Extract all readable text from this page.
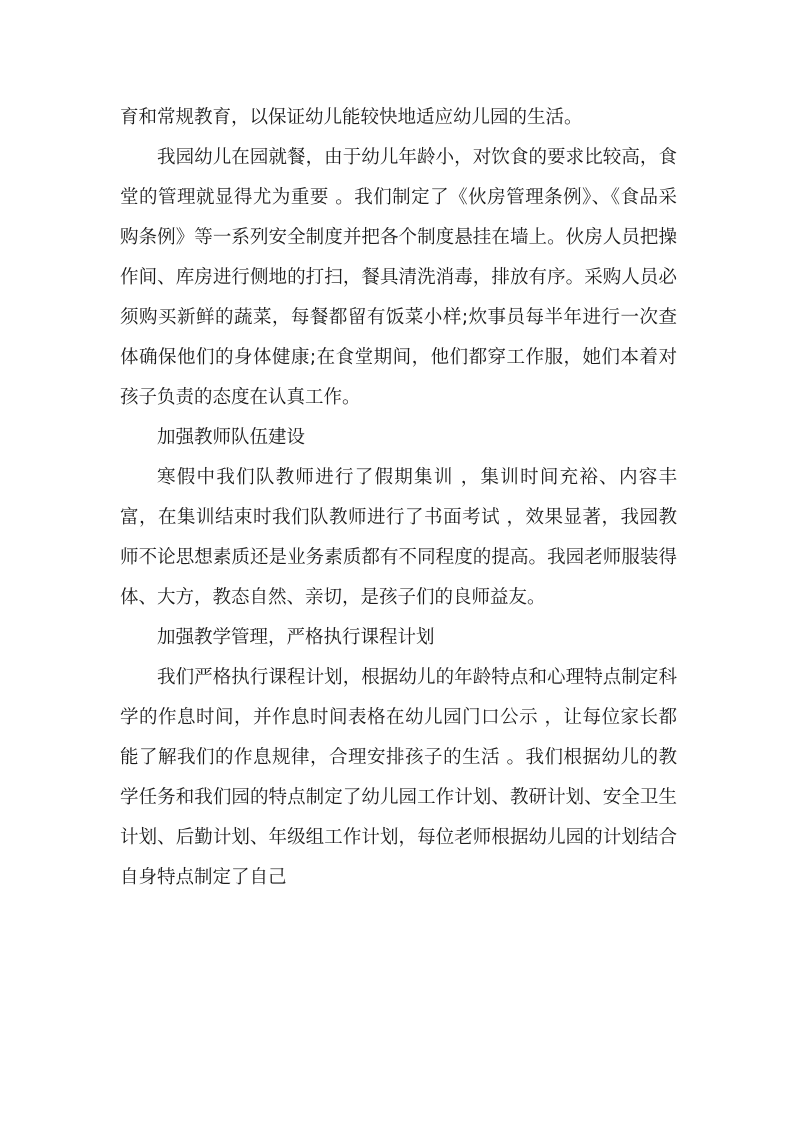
育和常规教育，以保证幼儿能较快地适应幼儿园的生活。

我园幼儿在园就餐，由于幼儿年龄小，对饮食的要求比较高，食堂的管理就显得尤为重要 。我们制定了《伙房管理条例》、《食品采购条例》等一系列安全制度并把各个制度悬挂在墙上。伙房人员把操作间、库房进行侧地的打扫，餐具清洗消毒，排放有序。采购人员必须购买新鲜的蔬菜，每餐都留有饭菜小样;炊事员每半年进行一次查体确保他们的身体健康;在食堂期间，他们都穿工作服，她们本着对孩子负责的态度在认真工作。

加强教师队伍建设

寒假中我们队教师进行了假期集训 ，集训时间充裕、内容丰富，在集训结束时我们队教师进行了书面考试 ，效果显著，我园教师不论思想素质还是业务素质都有不同程度的提高。我园老师服装得体、大方，教态自然、亲切，是孩子们的良师益友。

加强教学管理，严格执行课程计划

我们严格执行课程计划，根据幼儿的年龄特点和心理特点制定科学的作息时间，并作息时间表格在幼儿园门口公示 ，让每位家长都能了解我们的作息规律，合理安排孩子的生活 。我们根据幼儿的教学任务和我们园的特点制定了幼儿园工作计划、教研计划、安全卫生计划、后勤计划、年级组工作计划，每位老师根据幼儿园的计划结合自身特点制定了自己
